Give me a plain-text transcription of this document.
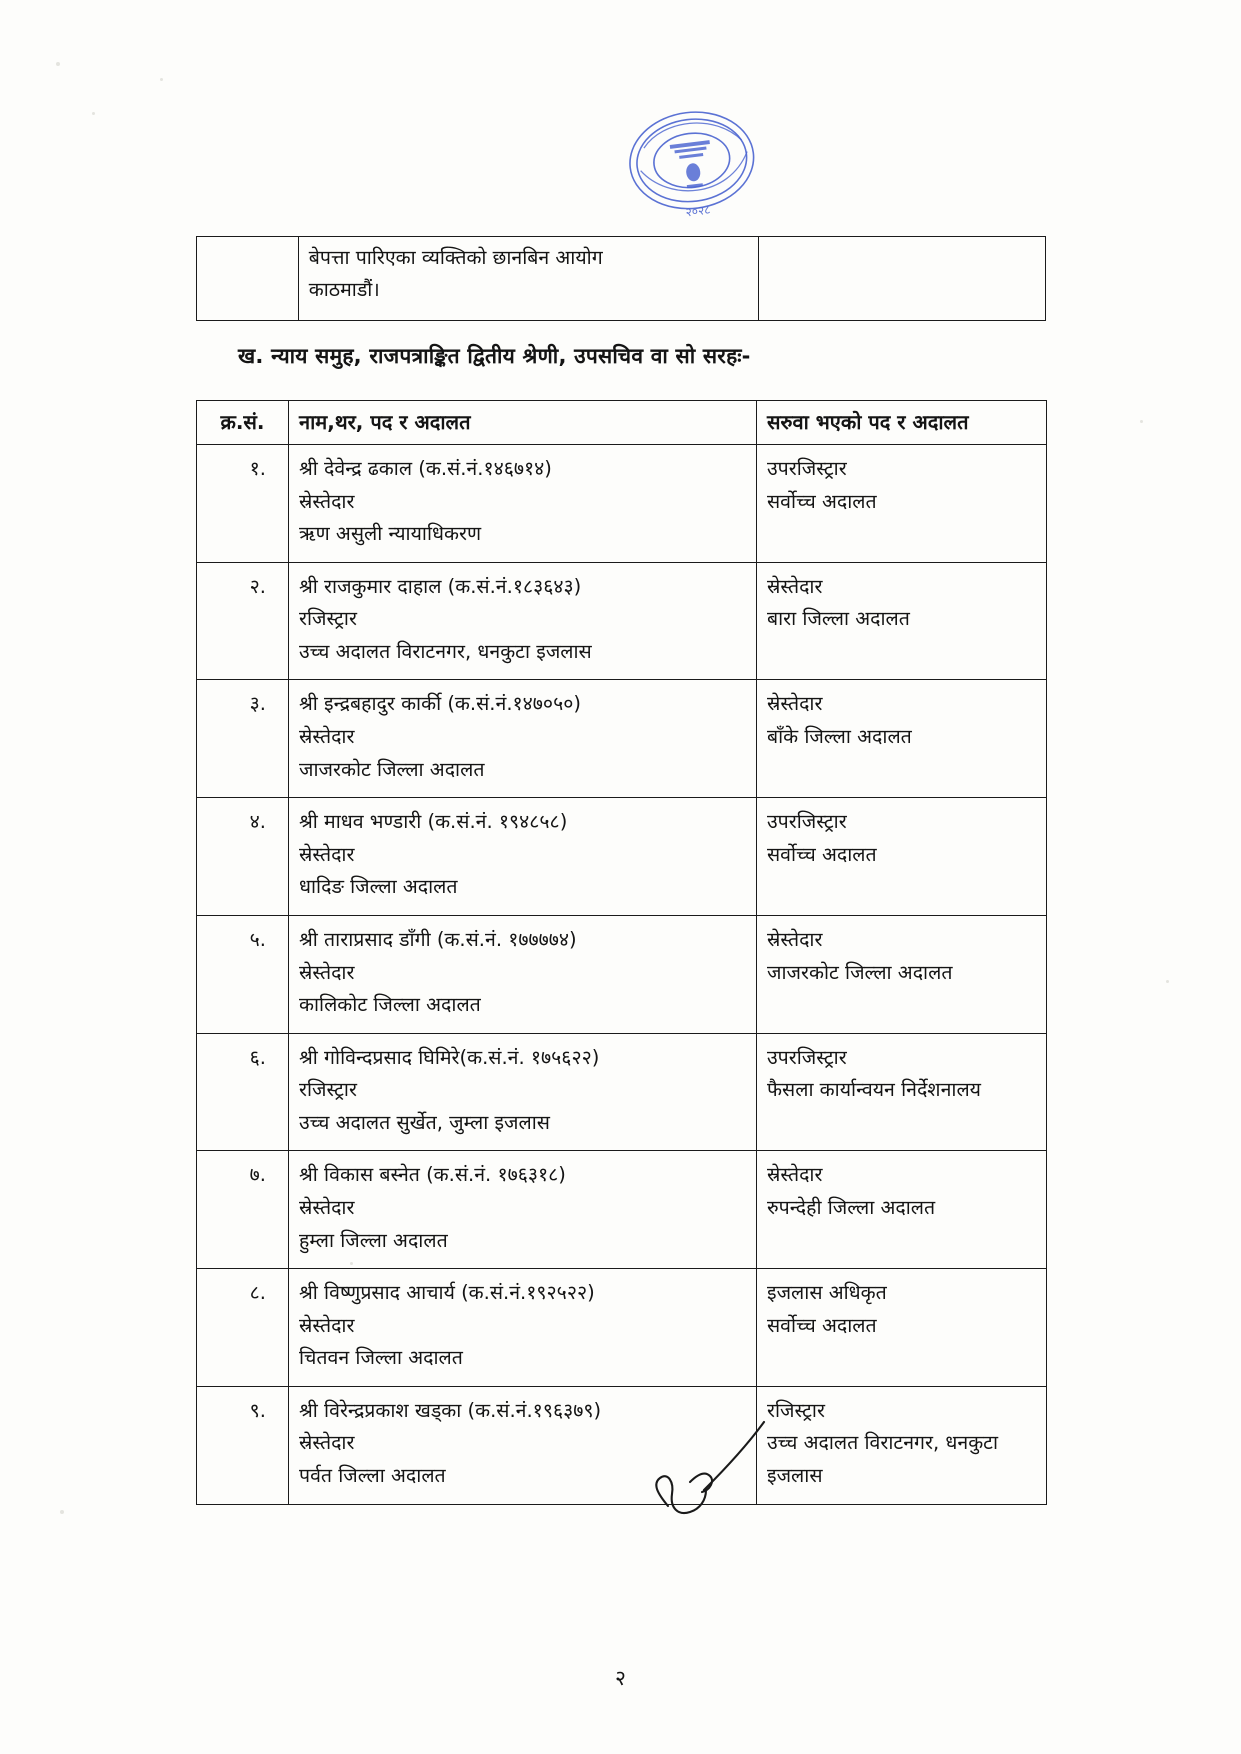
२०२८

बेपत्ता पारिएका व्यक्तिको छानबिन आयोग
काठमाडौं।

ख. न्याय समुह, राजपत्राङ्कित द्वितीय श्रेणी, उपसचिव वा सो सरहः-
क्र.सं.	नाम,थर, पद र अदालत	सरुवा भएको पद र अदालत
१.	श्री देवेन्द्र ढकाल (क.सं.नं.१४६७१४)
स्रेस्तेदार
ऋण असुली न्यायाधिकरण	उपरजिस्ट्रार
सर्वोच्च अदालत

२.	श्री राजकुमार दाहाल (क.सं.नं.१८३६४३)
रजिस्ट्रार
उच्च अदालत विराटनगर, धनकुटा इजलास	स्रेस्तेदार
बारा जिल्ला अदालत

३.	श्री इन्द्रबहादुर कार्की (क.सं.नं.१४७०५०)
स्रेस्तेदार
जाजरकोट जिल्ला अदालत	स्रेस्तेदार
बाँके जिल्ला अदालत

४.	श्री माधव भण्डारी (क.सं.नं. १९४८५८)
स्रेस्तेदार
धादिङ जिल्ला अदालत	उपरजिस्ट्रार
सर्वोच्च अदालत

५.	श्री ताराप्रसाद डाँगी (क.सं.नं. १७७७७४)
स्रेस्तेदार
कालिकोट जिल्ला अदालत	स्रेस्तेदार
जाजरकोट जिल्ला अदालत

६.	श्री गोविन्दप्रसाद घिमिरे(क.सं.नं. १७५६२२)
रजिस्ट्रार
उच्च अदालत सुर्खेत, जुम्ला इजलास	उपरजिस्ट्रार
फैसला कार्यान्वयन निर्देशनालय

७.	श्री विकास बस्नेत (क.सं.नं. १७६३१८)
स्रेस्तेदार
हुम्ला जिल्ला अदालत	स्रेस्तेदार
रुपन्देही जिल्ला अदालत

८.	श्री विष्णुप्रसाद आचार्य (क.सं.नं.१९२५२२)
स्रेस्तेदार
चितवन जिल्ला अदालत	इजलास अधिकृत
सर्वोच्च अदालत

९.	श्री विरेन्द्रप्रकाश खड्का (क.सं.नं.१९६३७९)
स्रेस्तेदार
पर्वत जिल्ला अदालत	रजिस्ट्रार
उच्च अदालत विराटनगर, धनकुटा
इजलास
२
